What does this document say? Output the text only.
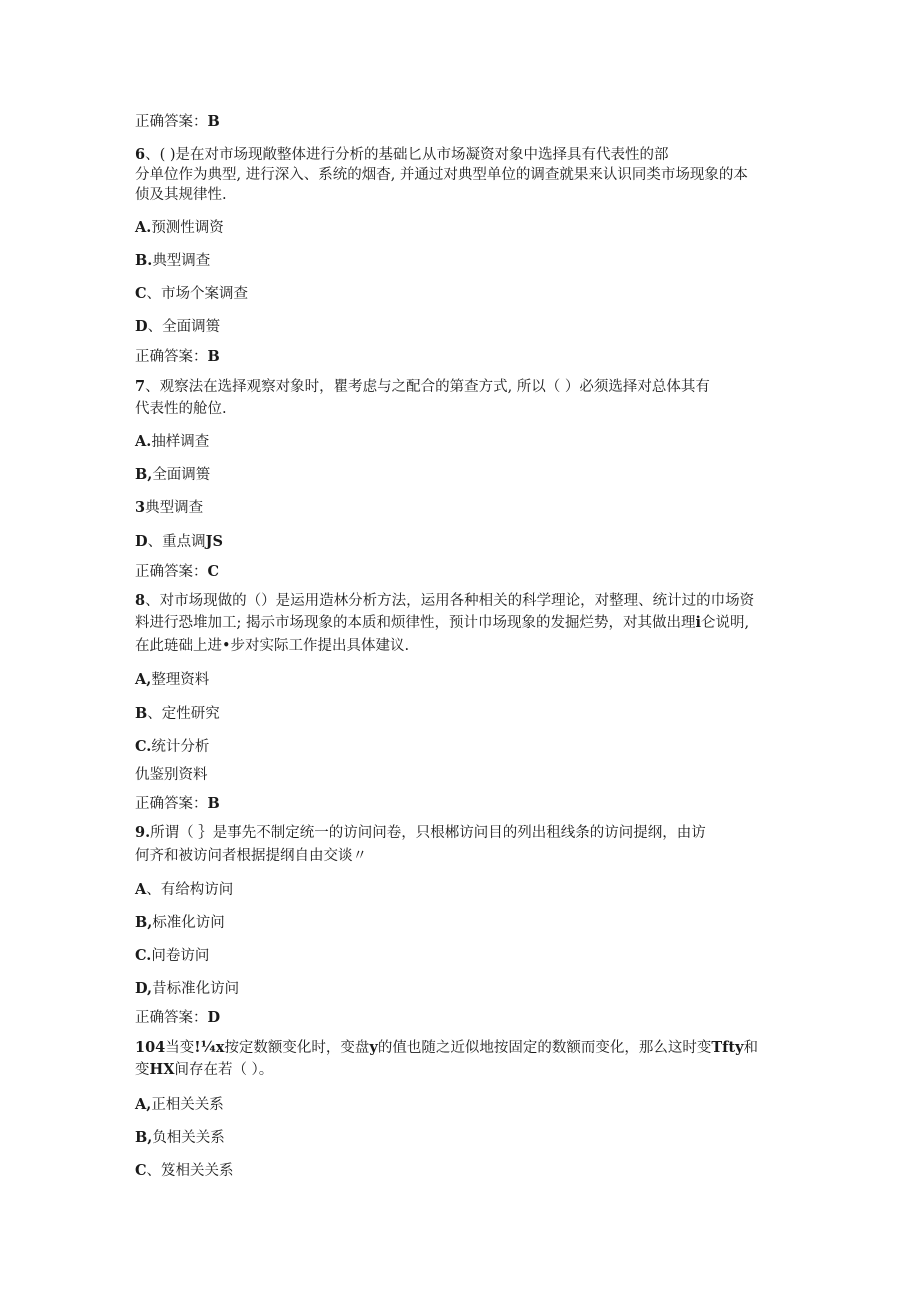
正确答案：B
6、( )是在对市场现敞整体进行分析的基础匕从市场凝资对象中选择具有代表性的部
分单位作为典型, 进行深入、系统的烟杳, 并通过对典型单位的调查就果来认识同类市场现象的本
侦及其规律性.
A.预测性调资
B.典型调查
C、市场个案调查
D、全面调篑
正确答案：B
7、观察法在选择观察对象时，瞿考虑与之配合的第查方式, 所以（ ）必须选择对总体其有
代表性的舱位.
A.抽样调查
B,全面调篑
3典型调查
D、重点调JS
正确答案：C
8、对市场现做的（）是运用造林分析方法，运用各种相关的科学理论，对整理、统计过的巾场资
料进行恐堆加工; 揭示市场现象的本质和烦律性，预计巾场现象的发掘烂势，对其做出理i仑说明,
在此琏础上进•步对实际工作提出具体建议.
A,整理资料
B、定性研究
C.统计分析
仇鉴别资料
正确答案：B
9.所谓（ ｝是事先不制定统一的访问问卷，只根郴访问目的列出租线条的访问提纲，由访
何齐和被访问者根据提纲自由交谈〃
A、有给构访问
B,标准化访问
C.问卷访问
D,昔标准化访问
正确答案：D
104当变!¼x按定数额变化时，变盘y的值也随之近似地按固定的数额而变化，那么这时变Tfty和
变HX间存在若（ ）。
A,正相关关系
B,负相关关系
C、笈相关关系
